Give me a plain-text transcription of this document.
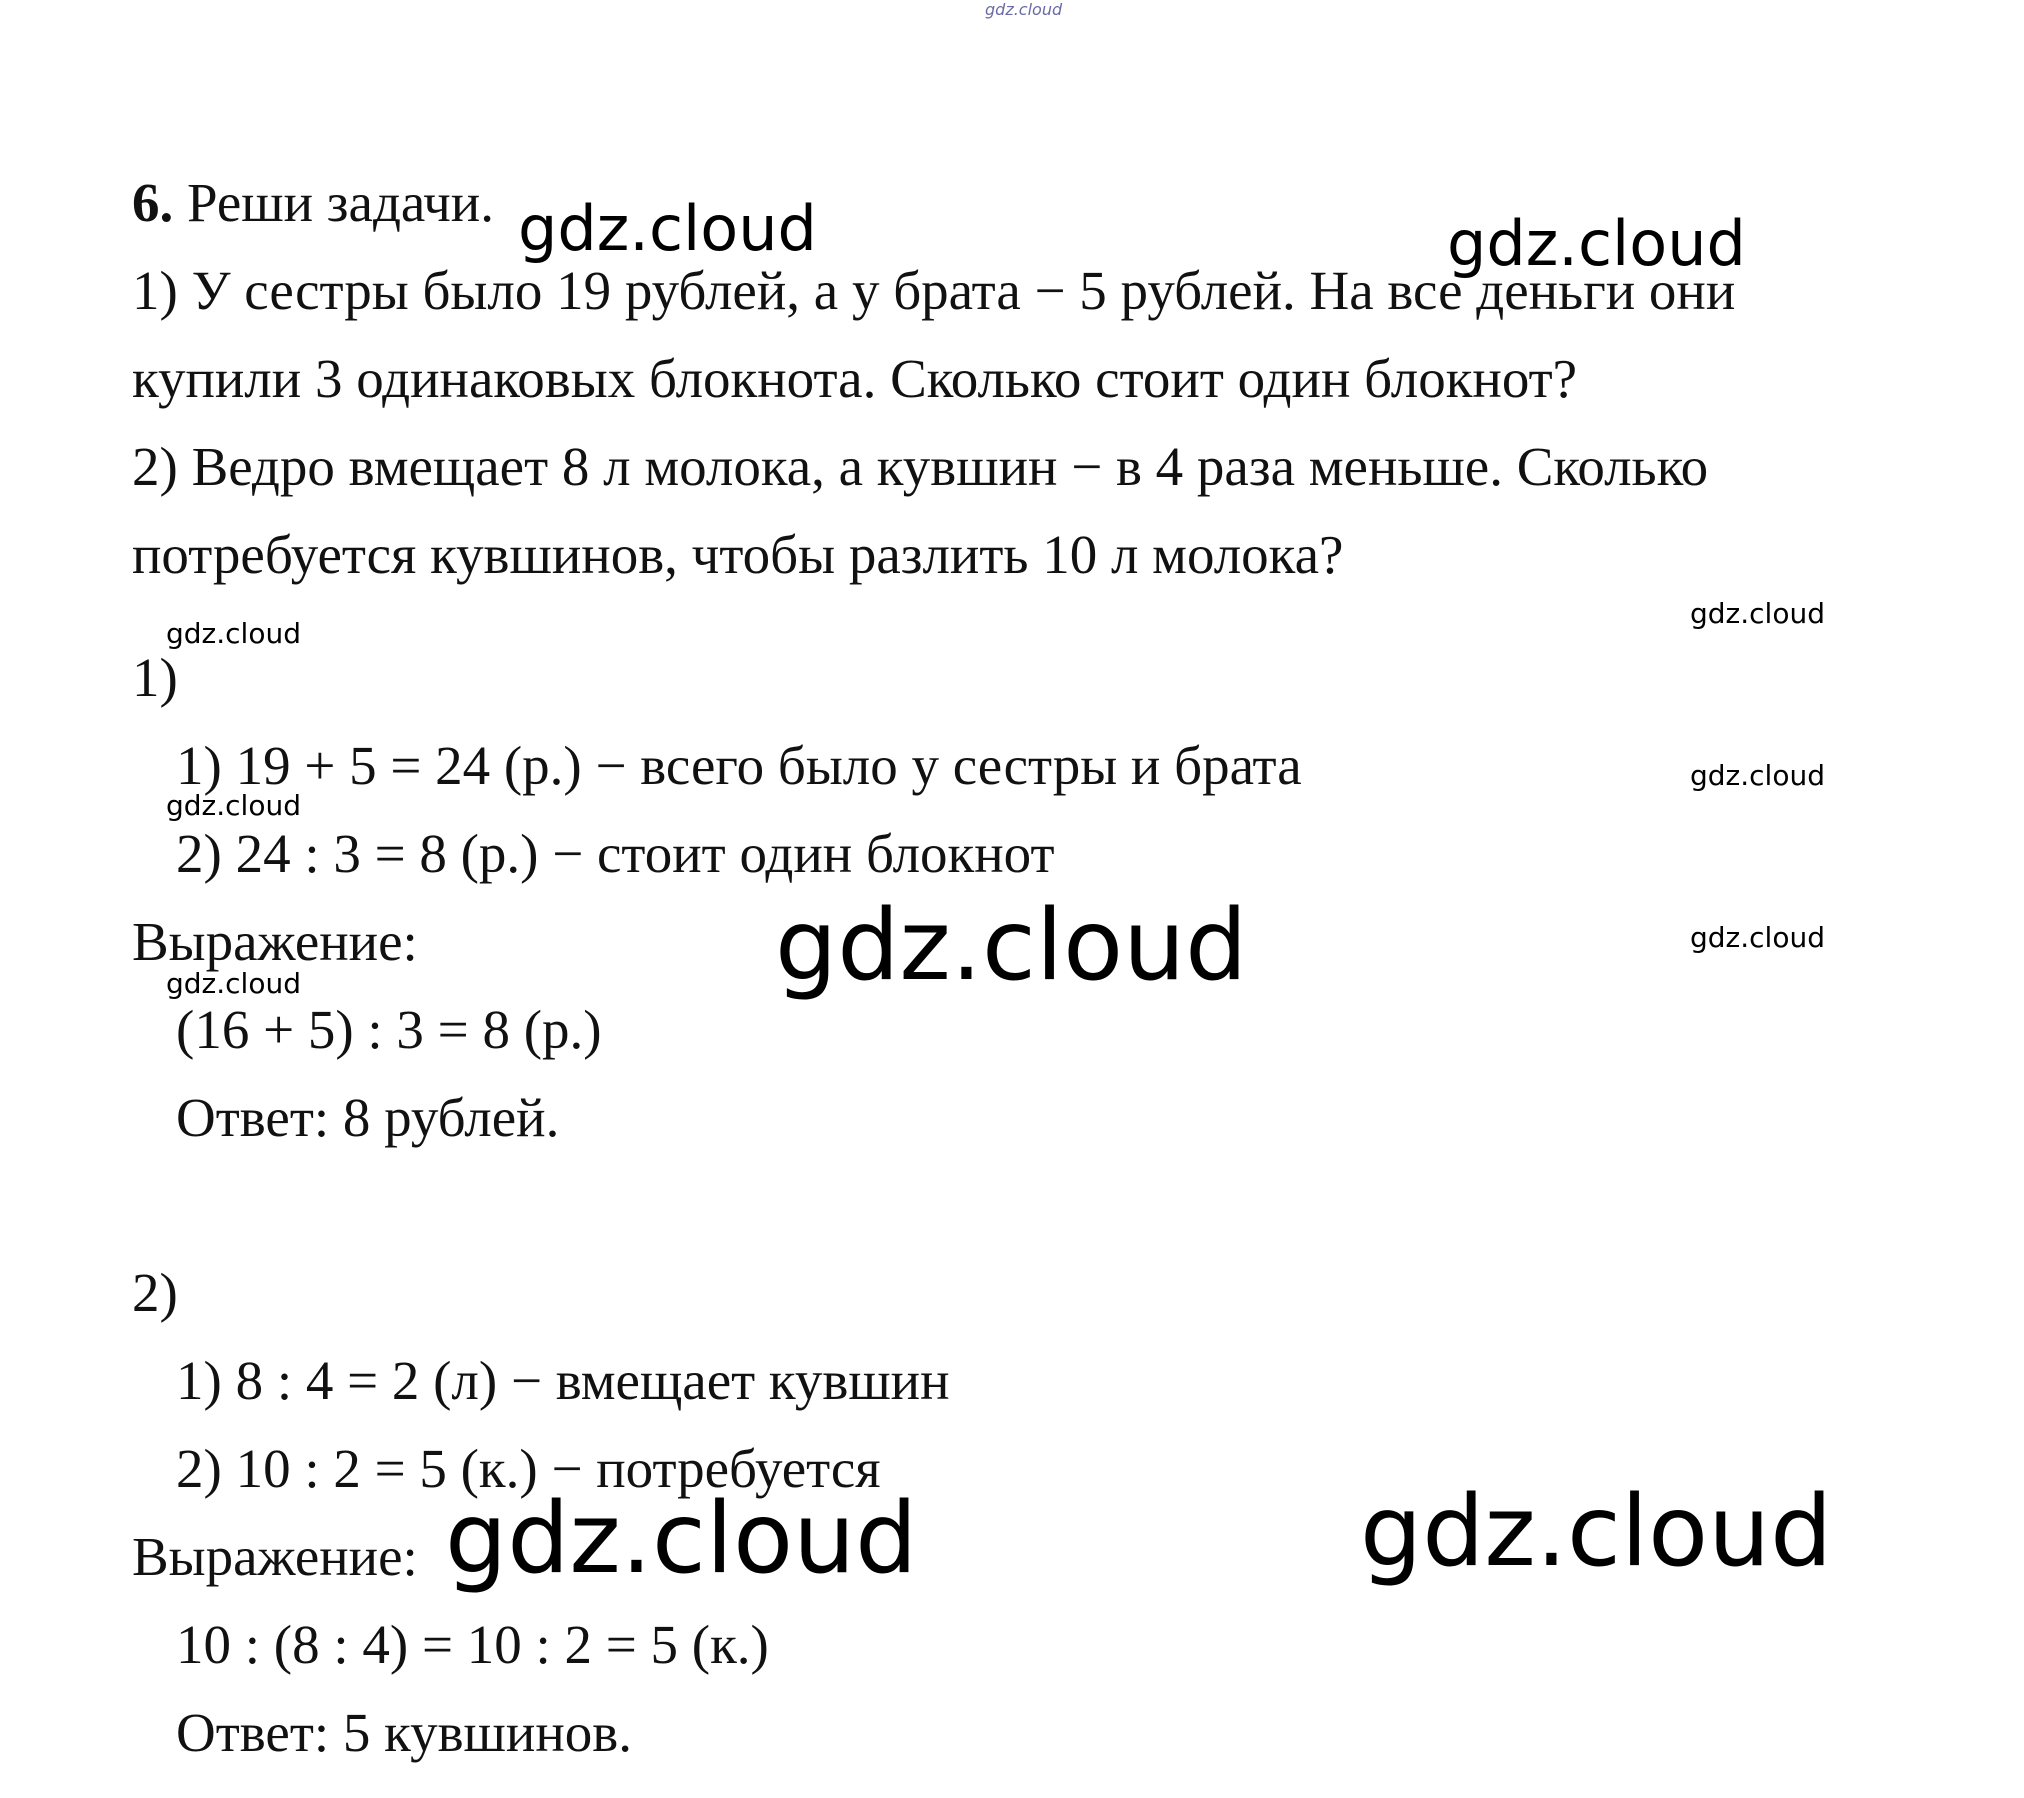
gdz.cloud
gdz.cloud	gdz.cloud
gdz.cloud
gdz.cloud
gdz.cloud
gdz.cloud
gdz.cloud	gdz.cloud
gdz.cloud
gdz.cloud	gdz.cloud
6. Реши задачи.
1) У сестры было 19 рублей, а у брата − 5 рублей. На все деньги они
купили 3 одинаковых блокнота. Сколько стоит один блокнот?
2) Ведро вмещает 8 л молока, а кувшин − в 4 раза меньше. Сколько
потребуется кувшинов, чтобы разлить 10 л молока?
1)
1) 19 + 5 = 24 (р.) − всего было у сестры и брата
2) 24 : 3 = 8 (р.) − стоит один блокнот
Выражение:
(16 + 5) : 3 = 8 (р.)
Ответ: 8 рублей.
2)
1) 8 : 4 = 2 (л) − вмещает кувшин
2) 10 : 2 = 5 (к.) − потребуется
Выражение:
10 : (8 : 4) = 10 : 2 = 5 (к.)
Ответ: 5 кувшинов.
